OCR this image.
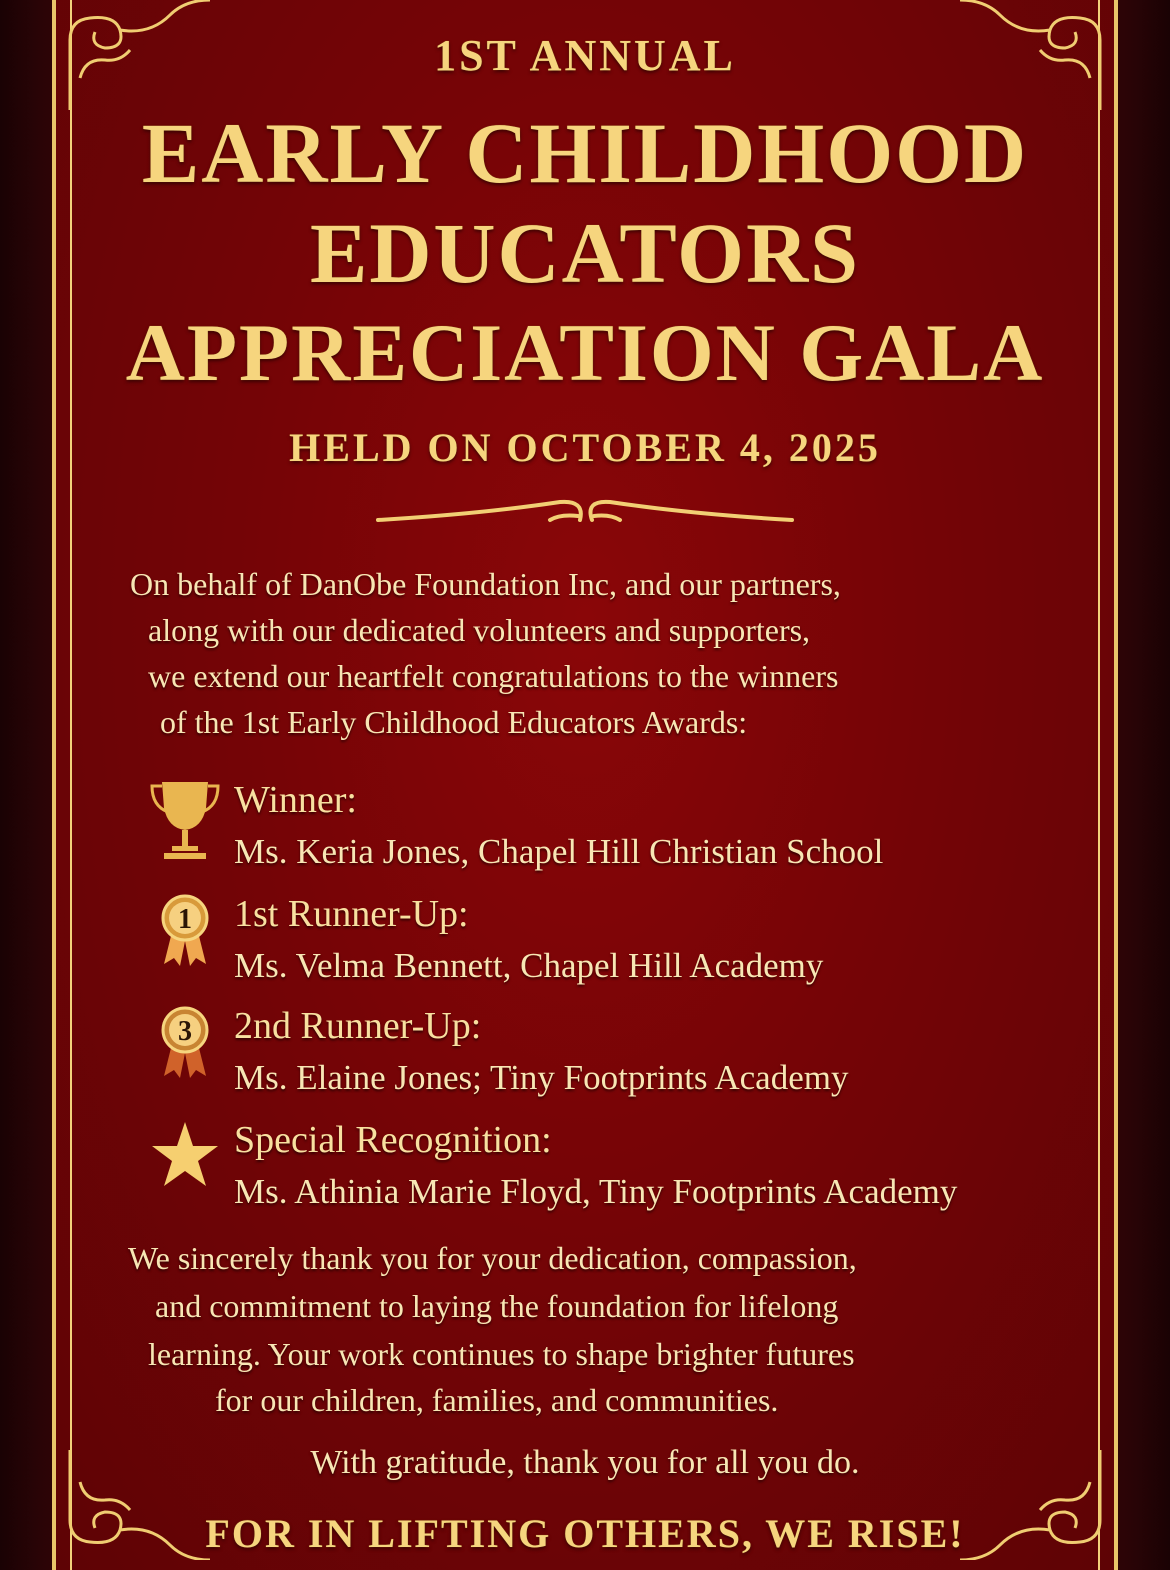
1ST ANNUAL
EARLY CHILDHOOD
EDUCATORS
APPRECIATION GALA
HELD ON OCTOBER 4, 2025
On behalf of DanObe Foundation Inc, and our partners,
along with our dedicated volunteers and supporters,
we extend our heartfelt congratulations to the winners
of the 1st Early Childhood Educators Awards:
Winner:
Ms. Keria Jones, Chapel Hill Christian School
1 1st Runner-Up:
Ms. Velma Bennett, Chapel Hill Academy
3 2nd Runner-Up:
Ms. Elaine Jones; Tiny Footprints Academy
Special Recognition:
Ms. Athinia Marie Floyd, Tiny Footprints Academy
We sincerely thank you for your dedication, compassion,
and commitment to laying the foundation for lifelong
learning. Your work continues to shape brighter futures
for our children, families, and communities.
With gratitude, thank you for all you do.
FOR IN LIFTING OTHERS, WE RISE!
